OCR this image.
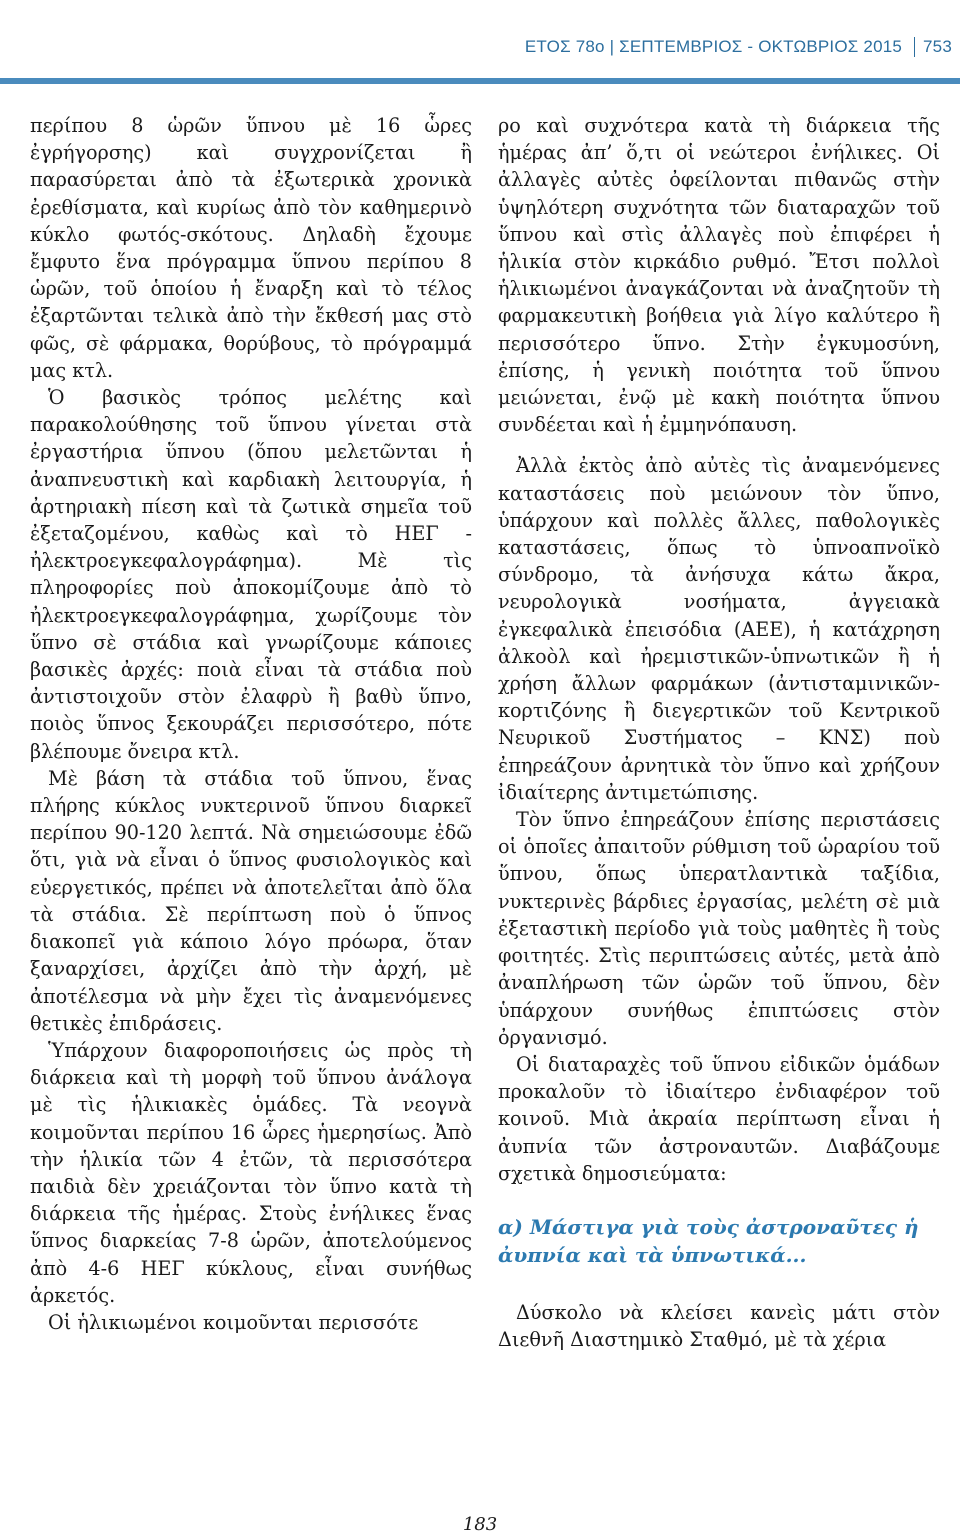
ΕΤΟΣ 78ο | ΣΕΠΤΕΜΒΡΙΟΣ - ΟΚΤΩΒΡΙΟΣ 2015	753

περίπου 8 ὡρῶν ὕπνου μὲ 16 ὧρες ἐγρήγορσης) καὶ συγχρονίζεται ἢ παρασύρεται ἀπὸ τὰ ἐξωτερικὰ χρονικὰ ἐρεθίσματα, καὶ κυρίως ἀπὸ τὸν καθημερινὸ κύκλο φωτός-σκότους. Δηλαδὴ ἔχουμε ἔμφυτο ἕνα πρόγραμμα ὕπνου περίπου 8 ὡρῶν, τοῦ ὁποίου ἡ ἔναρξη καὶ τὸ τέλος ἐξαρτῶνται τελικὰ ἀπὸ τὴν ἔκθεσή μας στὸ φῶς, σὲ φάρμακα, θορύβους, τὸ πρόγραμμά μας κτλ.

Ὁ βασικὸς τρόπος μελέτης καὶ παρακολούθησης τοῦ ὕπνου γίνεται στὰ ἐργαστήρια ὕπνου (ὅπου μελετῶνται ἡ ἀναπνευστικὴ καὶ καρδιακὴ λειτουργία, ἡ ἀρτηριακὴ πίεση καὶ τὰ ζωτικὰ σημεῖα τοῦ ἐξεταζομένου, καθὼς καὶ τὸ ΗΕΓ - ἠλεκτροεγκεφαλογράφημα). Μὲ τὶς πληροφορίες ποὺ ἀποκομίζουμε ἀπὸ τὸ ἠλεκτροεγκεφαλογράφημα, χωρίζουμε τὸν ὕπνο σὲ στάδια καὶ γνωρίζουμε κάποιες βασικὲς ἀρχές: ποιὰ εἶναι τὰ στάδια ποὺ ἀντιστοιχοῦν στὸν ἐλαφρὺ ἢ βαθὺ ὕπνο, ποιὸς ὕπνος ξεκουράζει περισσότερο, πότε βλέπουμε ὄνειρα κτλ.

Μὲ βάση τὰ στάδια τοῦ ὕπνου, ἕνας πλήρης κύκλος νυκτερινοῦ ὕπνου διαρκεῖ περίπου 90-120 λεπτά. Νὰ σημειώσουμε ἐδῶ ὅτι, γιὰ νὰ εἶναι ὁ ὕπνος φυσιολογικὸς καὶ εὐεργετικός, πρέπει νὰ ἀποτελεῖται ἀπὸ ὅλα τὰ στάδια. Σὲ περίπτωση ποὺ ὁ ὕπνος διακοπεῖ γιὰ κάποιο λόγο πρόωρα, ὅταν ξαναρχίσει, ἀρχίζει ἀπὸ τὴν ἀρχή, μὲ ἀποτέλεσμα νὰ μὴν ἔχει τὶς ἀναμενόμενες θετικὲς ἐπιδράσεις.

Ὑπάρχουν διαφοροποιήσεις ὡς πρὸς τὴ διάρκεια καὶ τὴ μορφὴ τοῦ ὕπνου ἀνάλογα μὲ τὶς ἡλικιακὲς ὁμάδες. Τὰ νεογνὰ κοιμοῦνται περίπου 16 ὧρες ἡμερησίως. Ἀπὸ τὴν ἡλικία τῶν 4 ἐτῶν, τὰ περισσότερα παιδιὰ δὲν χρειάζονται τὸν ὕπνο κατὰ τὴ διάρκεια τῆς ἡμέρας. Στοὺς ἐνήλικες ἕνας ὕπνος διαρκείας 7-8 ὡρῶν, ἀποτελούμενος ἀπὸ 4-6 ΗΕΓ κύκλους, εἶναι συνήθως ἀρκετός.

Οἱ ἡλικιωμένοι κοιμοῦνται περισσότε

ρο καὶ συχνότερα κατὰ τὴ διάρκεια τῆς ἡμέρας ἀπ’ ὅ,τι οἱ νεώτεροι ἐνήλικες. Οἱ ἀλλαγὲς αὐτὲς ὀφείλονται πιθανῶς στὴν ὑψηλότερη συχνότητα τῶν διαταραχῶν τοῦ ὕπνου καὶ στὶς ἀλλαγὲς ποὺ ἐπιφέρει ἡ ἡλικία στὸν κιρκάδιο ρυθμό. Ἔτσι πολλοὶ ἡλικιωμένοι ἀναγκάζονται νὰ ἀναζητοῦν τὴ φαρμακευτικὴ βοήθεια γιὰ λίγο καλύτερο ἢ περισσότερο ὕπνο. Στὴν ἐγκυμοσύνη, ἐπίσης, ἡ γενικὴ ποιότητα τοῦ ὕπνου μειώνεται, ἐνῷ μὲ κακὴ ποιότητα ὕπνου συνδέεται καὶ ἡ ἐμμηνόπαυση.

Ἀλλὰ ἐκτὸς ἀπὸ αὐτὲς τὶς ἀναμενόμενες καταστάσεις ποὺ μειώνουν τὸν ὕπνο, ὑπάρχουν καὶ πολλὲς ἄλλες, παθολογικὲς καταστάσεις, ὅπως τὸ ὑπνοαπνοϊκὸ σύνδρομο, τὰ ἀνήσυχα κάτω ἄκρα, νευρολογικὰ νοσήματα, ἀγγειακὰ ἐγκεφαλικὰ ἐπεισόδια (ΑΕΕ), ἡ κατάχρηση ἀλκοὸλ καὶ ἠρεμιστικῶν-ὑπνωτικῶν ἢ ἡ χρήση ἄλλων φαρμάκων (ἀντισταμινικῶν-κορτιζόνης ἢ διεγερτικῶν τοῦ Κεντρικοῦ Νευρικοῦ Συστήματος – ΚΝΣ) ποὺ ἐπηρεάζουν ἀρνητικὰ τὸν ὕπνο καὶ χρήζουν ἰδιαίτερης ἀντιμετώπισης.

Τὸν ὕπνο ἐπηρεάζουν ἐπίσης περιστάσεις οἱ ὁποῖες ἀπαιτοῦν ρύθμιση τοῦ ὡραρίου τοῦ ὕπνου, ὅπως ὑπερατλαντικὰ ταξίδια, νυκτερινὲς βάρδιες ἐργασίας, μελέτη σὲ μιὰ ἐξεταστικὴ περίοδο γιὰ τοὺς μαθητὲς ἢ τοὺς φοιτητές. Στὶς περιπτώσεις αὐτές, μετὰ ἀπὸ ἀναπλήρωση τῶν ὡρῶν τοῦ ὕπνου, δὲν ὑπάρχουν συνήθως ἐπιπτώσεις στὸν ὀργανισμό.

Οἱ διαταραχὲς τοῦ ὕπνου εἰδικῶν ὁμάδων προκαλοῦν τὸ ἰδιαίτερο ἐνδιαφέρον τοῦ κοινοῦ. Μιὰ ἀκραία περίπτωση εἶναι ἡ ἀυπνία τῶν ἀστροναυτῶν. Διαβάζουμε σχετικὰ δημοσιεύματα:

α) Μάστιγα γιὰ τοὺς ἀστροναῦτες ἡ ἀυπνία καὶ τὰ ὑπνωτικά...

Δύσκολο νὰ κλείσει κανεὶς μάτι στὸν Διεθνῆ Διαστημικὸ Σταθμό, μὲ τὰ χέρια

183
